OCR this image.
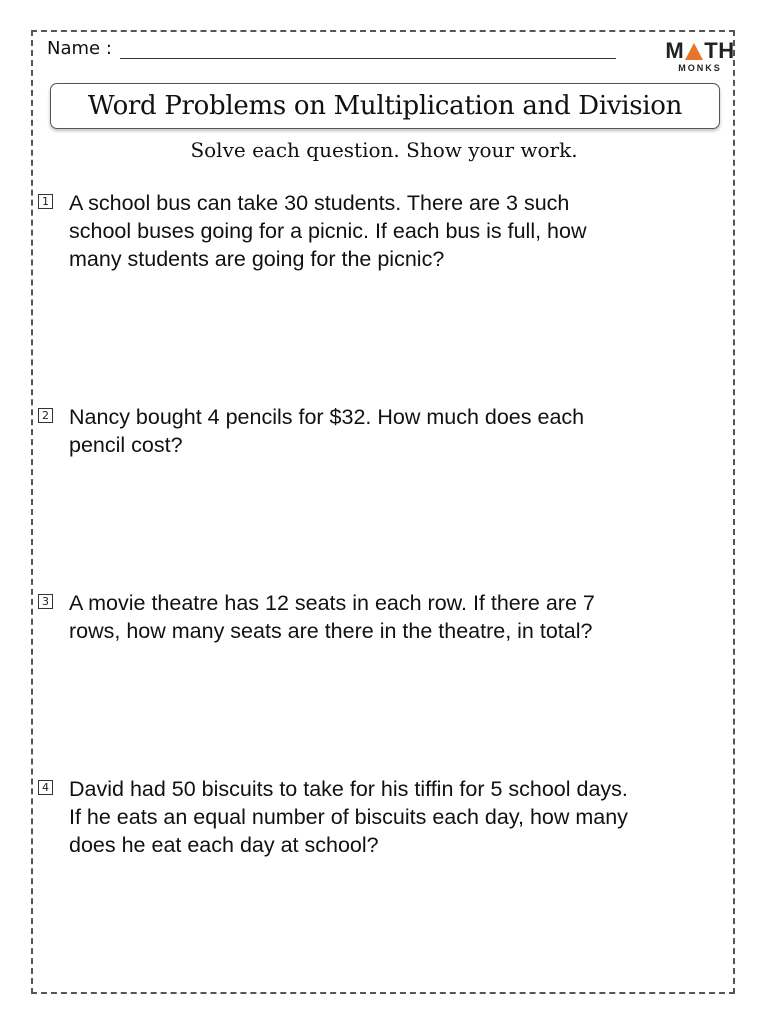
Name :	M TH
MONKS
Word Problems on Multiplication and Division
Solve each question. Show your work.
1 A school bus can take 30 students. There are 3 such
school buses going for a picnic. If each bus is full, how
many students are going for the picnic?
2 Nancy bought 4 pencils for $32. How much does each
pencil cost?
3 A movie theatre has 12 seats in each row. If there are 7
rows, how many seats are there in the theatre, in total?
4 David had 50 biscuits to take for his tiffin for 5 school days.
If he eats an equal number of biscuits each day, how many
does he eat each day at school?
